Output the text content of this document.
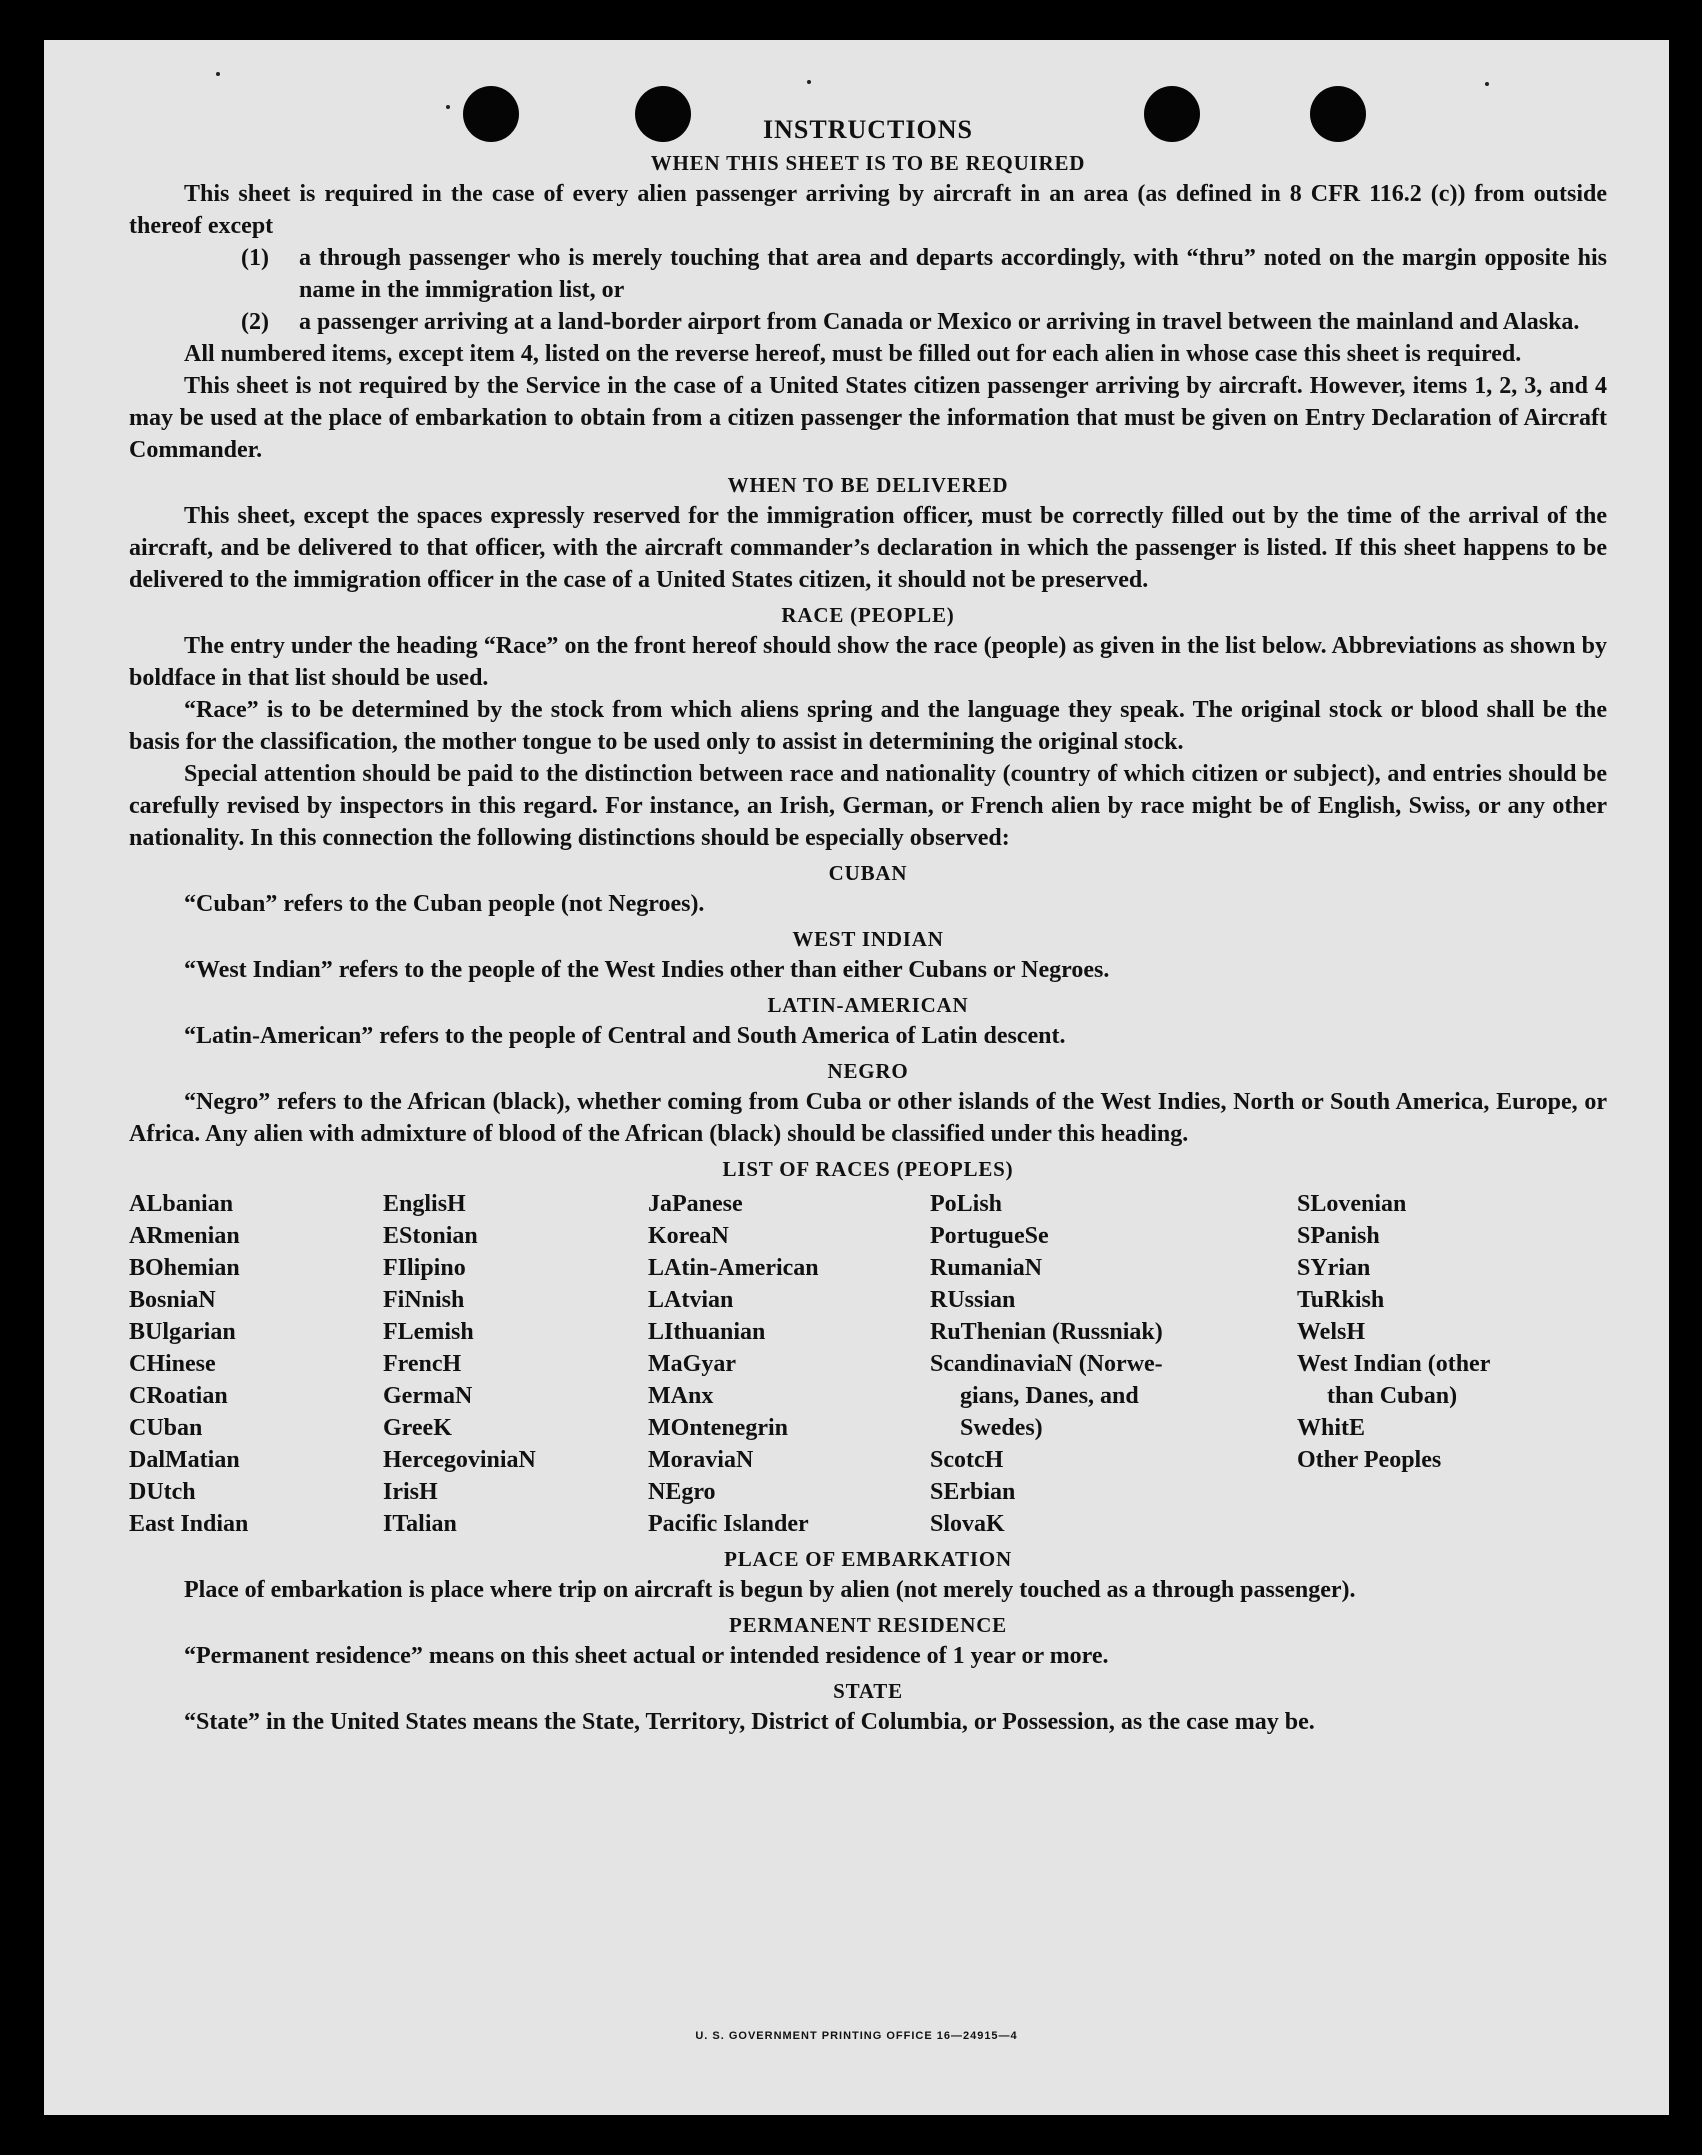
INSTRUCTIONS
WHEN THIS SHEET IS TO BE REQUIRED

This sheet is required in the case of every alien passenger arriving by aircraft in an area (as defined in 8 CFR 116.2 (c)) from outside thereof except

(1)	a through passenger who is merely touching that area and departs accordingly, with “thru” noted on the margin opposite his name in the immigration list, or
(2)	a passenger arriving at a land-border airport from Canada or Mexico or arriving in travel between the mainland and Alaska.

All numbered items, except item 4, listed on the reverse hereof, must be filled out for each alien in whose case this sheet is required.

This sheet is not required by the Service in the case of a United States citizen passenger arriving by aircraft. However, items 1, 2, 3, and 4 may be used at the place of embarkation to obtain from a citizen passenger the information that must be given on Entry Declaration of Aircraft Commander.

WHEN TO BE DELIVERED

This sheet, except the spaces expressly reserved for the immigration officer, must be correctly filled out by the time of the arrival of the aircraft, and be delivered to that officer, with the aircraft commander’s declaration in which the passenger is listed. If this sheet happens to be delivered to the immigration officer in the case of a United States citizen, it should not be preserved.

RACE (PEOPLE)

The entry under the heading “Race” on the front hereof should show the race (people) as given in the list below. Abbreviations as shown by boldface in that list should be used.

“Race” is to be determined by the stock from which aliens spring and the language they speak. The original stock or blood shall be the basis for the classification, the mother tongue to be used only to assist in determining the original stock.

Special attention should be paid to the distinction between race and nationality (country of which citizen or subject), and entries should be carefully revised by inspectors in this regard. For instance, an Irish, German, or French alien by race might be of English, Swiss, or any other nationality. In this connection the following distinctions should be especially observed:

CUBAN

“Cuban” refers to the Cuban people (not Negroes).

WEST INDIAN

“West Indian” refers to the people of the West Indies other than either Cubans or Negroes.

LATIN-AMERICAN

“Latin-American” refers to the people of Central and South America of Latin descent.

NEGRO

“Negro” refers to the African (black), whether coming from Cuba or other islands of the West Indies, North or South America, Europe, or Africa. Any alien with admixture of blood of the African (black) should be classified under this heading.

LIST OF RACES (PEOPLES)
ALbanian
ARmenian
BOhemian
BosniaN
BUlgarian
CHinese
CRoatian
CUban
DalMatian
DUtch
East Indian
EnglisH
EStonian
FIlipino
FiNnish
FLemish
FrencH
GermaN
GreeK
HercegoviniaN
IrisH
ITalian
JaPanese
KoreaN
LAtin-American
LAtvian
LIthuanian
MaGyar
MAnx
MOntenegrin
MoraviaN
NEgro
Pacific Islander
PoLish
PortugueSe
RumaniaN
RUssian
RuThenian (Russniak)
ScandinaviaN (Norwe-
gians, Danes, and
Swedes)
ScotcH
SErbian
SlovaK
SLovenian
SPanish
SYrian
TuRkish
WelsH
West Indian (other
than Cuban)
WhitE
Other Peoples
PLACE OF EMBARKATION

Place of embarkation is place where trip on aircraft is begun by alien (not merely touched as a through passenger).

PERMANENT RESIDENCE

“Permanent residence” means on this sheet actual or intended residence of 1 year or more.

STATE

“State” in the United States means the State, Territory, District of Columbia, or Possession, as the case may be.

U. S. GOVERNMENT PRINTING OFFICE 16—24915—4
